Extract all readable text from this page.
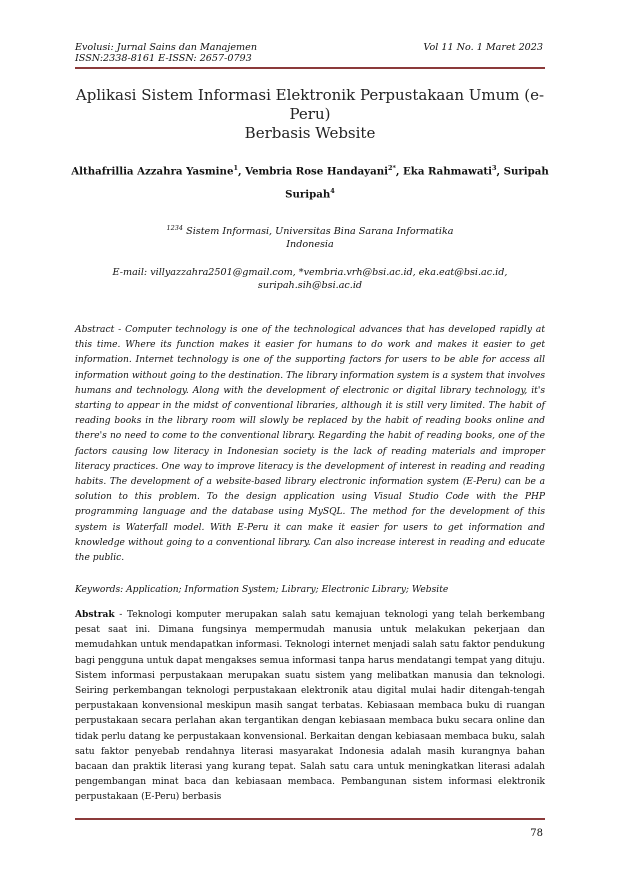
Evolusi: Jurnal Sains dan Manajemen
ISSN:2338-8161 E-ISSN: 2657-0793
Vol 11 No. 1 Maret 2023
Aplikasi Sistem Informasi Elektronik Perpustakaan Umum (e-Peru)
Berbasis Website
Althafrillia Azzahra Yasmine$^1$, Vembria Rose Handayani$^{2*}$, Eka Rahmawati$^3$, Suripah
Suripah$^4$
$^{1234}$ Sistem Informasi, Universitas Bina Sarana Informatika
Indonesia
E-mail: villyazzahra2501@gmail.com, *vembria.vrh@bsi.ac.id, eka.eat@bsi.ac.id,
suripah.sih@bsi.ac.id
Abstract - Computer technology is one of the technological advances that has developed rapidly at this time. Where its function makes it easier for humans to do work and makes it easier to get information. Internet technology is one of the supporting factors for users to be able for access all information without going to the destination. The library information system is a system that involves humans and technology. Along with the development of electronic or digital library technology, it's starting to appear in the midst of conventional libraries, although it is still very limited. The habit of reading books in the library room will slowly be replaced by the habit of reading books online and there's no need to come to the conventional library. Regarding the habit of reading books, one of the factors causing low literacy in Indonesian society is the lack of reading materials and improper literacy practices. One way to improve literacy is the development of interest in reading and reading habits. The development of a website-based library electronic information system (E-Peru) can be a solution to this problem. To the design application using Visual Studio Code with the PHP programming language and the database using MySQL. The method for the development of this system is Waterfall model. With E-Peru it can make it easier for users to get information and knowledge without going to a conventional library. Can also increase interest in reading and educate the public.
Keywords: Application; Information System; Library; Electronic Library; Website
Abstrak - Teknologi komputer merupakan salah satu kemajuan teknologi yang telah berkembang pesat saat ini. Dimana fungsinya mempermudah manusia untuk melakukan pekerjaan dan memudahkan untuk mendapatkan informasi. Teknologi internet menjadi salah satu faktor pendukung bagi pengguna untuk dapat mengakses semua informasi tanpa harus mendatangi tempat yang dituju. Sistem informasi perpustakaan merupakan suatu sistem yang melibatkan manusia dan teknologi. Seiring perkembangan teknologi perpustakaan elektronik atau digital mulai hadir ditengah-tengah perpustakaan konvensional meskipun masih sangat terbatas. Kebiasaan membaca buku di ruangan perpustakaan secara perlahan akan tergantikan dengan kebiasaan membaca buku secara online dan tidak perlu datang ke perpustakaan konvensional. Berkaitan dengan kebiasaan membaca buku, salah satu faktor penyebab rendahnya literasi masyarakat Indonesia adalah masih kurangnya bahan bacaan dan praktik literasi yang kurang tepat. Salah satu cara untuk meningkatkan literasi adalah pengembangan minat baca dan kebiasaan membaca. Pembangunan sistem informasi elektronik perpustakaan (E-Peru) berbasis
78
